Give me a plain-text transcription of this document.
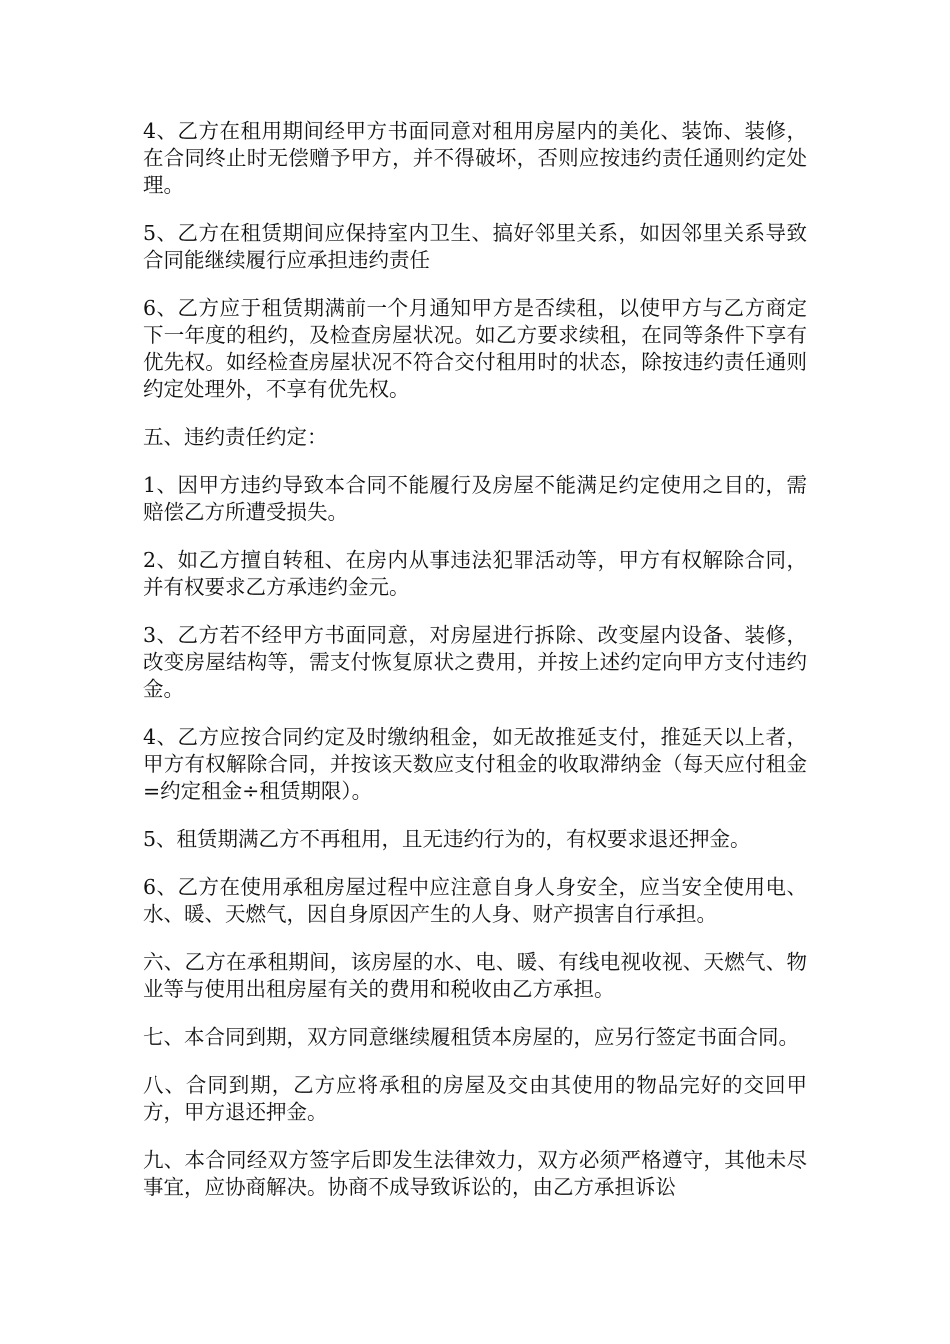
4、乙方在租用期间经甲方书面同意对租用房屋内的美化、装饰、装修，在合同终止时无偿赠予甲方，并不得破坏，否则应按违约责任通则约定处理。

5、乙方在租赁期间应保持室内卫生、搞好邻里关系，如因邻里关系导致合同能继续履行应承担违约责任

6、乙方应于租赁期满前一个月通知甲方是否续租，以使甲方与乙方商定下一年度的租约，及检查房屋状况。如乙方要求续租，在同等条件下享有优先权。如经检查房屋状况不符合交付租用时的状态，除按违约责任通则约定处理外，不享有优先权。

五、违约责任约定：

1、因甲方违约导致本合同不能履行及房屋不能满足约定使用之目的，需赔偿乙方所遭受损失。

2、如乙方擅自转租、在房内从事违法犯罪活动等，甲方有权解除合同，并有权要求乙方承违约金元。

3、乙方若不经甲方书面同意，对房屋进行拆除、改变屋内设备、装修，改变房屋结构等，需支付恢复原状之费用，并按上述约定向甲方支付违约金。

4、乙方应按合同约定及时缴纳租金，如无故推延支付，推延天以上者，甲方有权解除合同，并按该天数应支付租金的收取滞纳金（每天应付租金=约定租金÷租赁期限）。

5、租赁期满乙方不再租用，且无违约行为的，有权要求退还押金。

6、乙方在使用承租房屋过程中应注意自身人身安全，应当安全使用电、水、暖、天燃气，因自身原因产生的人身、财产损害自行承担。

六、乙方在承租期间，该房屋的水、电、暖、有线电视收视、天燃气、物业等与使用出租房屋有关的费用和税收由乙方承担。

七、本合同到期，双方同意继续履租赁本房屋的，应另行签定书面合同。

八、合同到期，乙方应将承租的房屋及交由其使用的物品完好的交回甲方，甲方退还押金。

九、本合同经双方签字后即发生法律效力，双方必须严格遵守，其他未尽事宜，应协商解决。协商不成导致诉讼的，由乙方承担诉讼
